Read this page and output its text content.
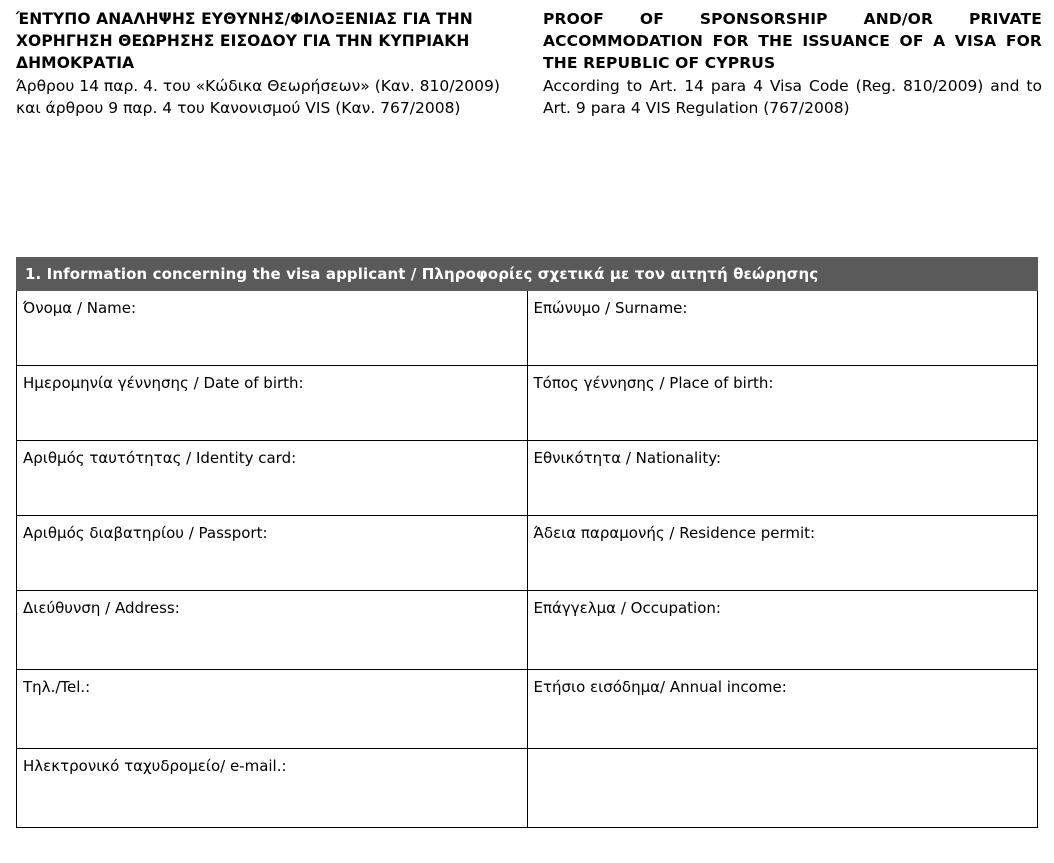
ΈΝΤΥΠΟ ΑΝΑΛΗΨΗΣ ΕΥΘΥΝΗΣ/ΦΙΛΟΞΕΝΙΑΣ ΓΙΑ ΤΗΝ ΧΟΡΗΓΗΣΗ ΘΕΩΡΗΣΗΣ ΕΙΣΟΔΟΥ ΓΙΑ ΤΗΝ ΚΥΠΡΙΑΚΗ ΔΗΜΟΚΡΑΤΙΑ
Άρθρου 14 παρ. 4. του «Κώδικα Θεωρήσεων» (Καν. 810/2009) και άρθρου 9 παρ. 4 του Κανονισμού VIS (Καν. 767/2008)
PROOF OF SPONSORSHIP AND/OR PRIVATE ACCOMMODATION FOR THE ISSUANCE OF A VISA FOR THE REPUBLIC OF CYPRUS
According to Art. 14 para 4 Visa Code (Reg. 810/2009) and to Art. 9 para 4 VIS Regulation (767/2008)
1. Information concerning the visa applicant / Πληροφορίες σχετικά με τον αιτητή θεώρησης	

Όνομα / Name:	Επώνυμο / Surname:

Ημερομηνία γέννησης / Date of birth:	Τόπος γέννησης / Place of birth:

Αριθμός ταυτότητας / Identity card:	Εθνικότητα / Nationality:

Αριθμός διαβατηρίου / Passport:	Άδεια παραμονής / Residence permit:

Διεύθυνση / Address:	Επάγγελμα / Occupation:

Τηλ./Tel.:	Ετήσιο εισόδημα/ Annual income:

Ηλεκτρονικό ταχυδρομείο/ e-mail.:	
